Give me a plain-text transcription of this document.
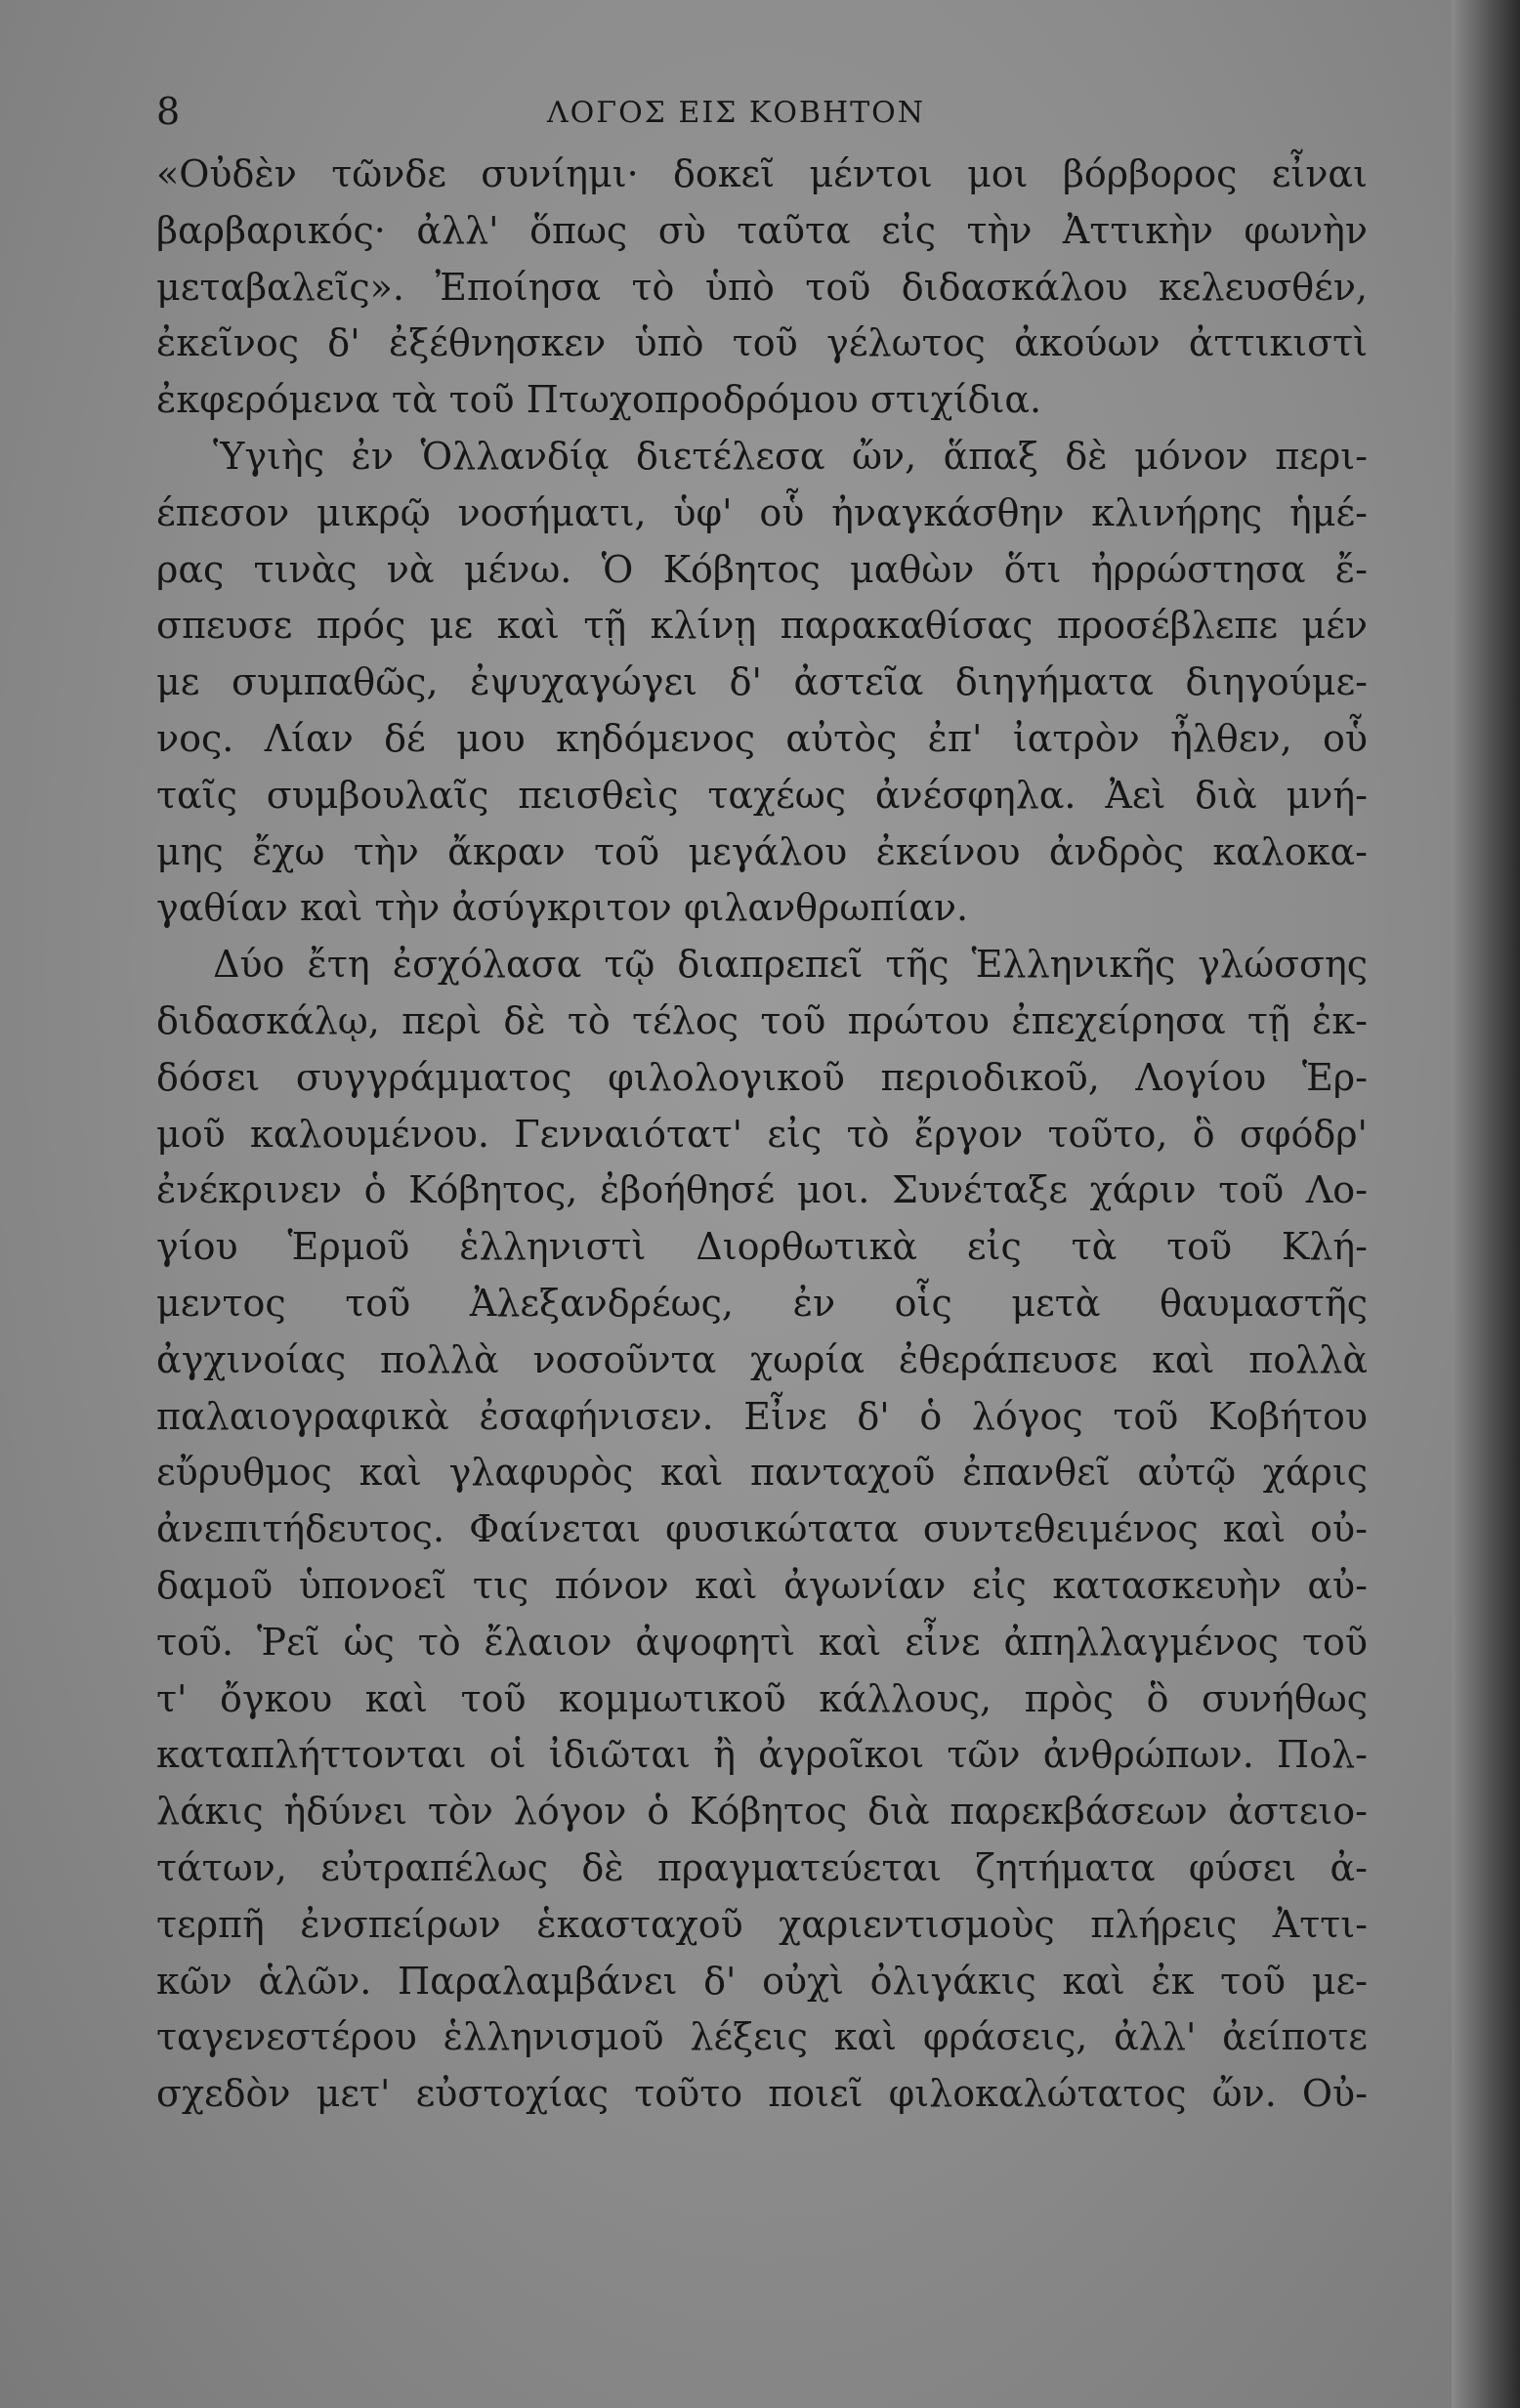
8	ΛΟΓΟΣ ΕΙΣ ΚΟΒΗΤΟΝ
«Οὐδὲν τῶνδε συνίημι· δοκεῖ μέντοι μοι βόρβορος εἶναι
βαρβαρικός· ἀλλ' ὅπως σὺ ταῦτα εἰς τὴν Ἀττικὴν φωνὴν
μεταβαλεῖς». Ἐποίησα τὸ ὑπὸ τοῦ διδασκάλου κελευσθέν,
ἐκεῖνος δ' ἐξέθνησκεν ὑπὸ τοῦ γέλωτος ἀκούων ἀττικιστὶ
ἐκφερόμενα τὰ τοῦ Πτωχοπροδρόμου στιχίδια.
Ὑγιὴς ἐν Ὁλλανδίᾳ διετέλεσα ὤν, ἅπαξ δὲ μόνον περι-
έπεσον μικρῷ νοσήματι, ὑφ' οὗ ἠναγκάσθην κλινήρης ἡμέ-
ρας τινὰς νὰ μένω. Ὁ Κόβητος μαθὼν ὅτι ἠρρώστησα ἔ-
σπευσε πρός με καὶ τῇ κλίνῃ παρακαθίσας προσέβλεπε μέν
με συμπαθῶς, ἐψυχαγώγει δ' ἀστεῖα διηγήματα διηγούμε-
νος. Λίαν δέ μου κηδόμενος αὐτὸς ἐπ' ἰατρὸν ἦλθεν, οὗ
ταῖς συμβουλαῖς πεισθεὶς ταχέως ἀνέσφηλα. Ἀεὶ διὰ μνή-
μης ἔχω τὴν ἄκραν τοῦ μεγάλου ἐκείνου ἀνδρὸς καλοκα-
γαθίαν καὶ τὴν ἀσύγκριτον φιλανθρωπίαν.
Δύο ἔτη ἐσχόλασα τῷ διαπρεπεῖ τῆς Ἑλληνικῆς γλώσσης
διδασκάλῳ, περὶ δὲ τὸ τέλος τοῦ πρώτου ἐπεχείρησα τῇ ἐκ-
δόσει συγγράμματος φιλολογικοῦ περιοδικοῦ, Λογίου Ἑρ-
μοῦ καλουμένου. Γενναιότατ' εἰς τὸ ἔργον τοῦτο, ὃ σφόδρ'
ἐνέκρινεν ὁ Κόβητος, ἐβοήθησέ μοι. Συνέταξε χάριν τοῦ Λο-
γίου Ἑρμοῦ ἑλληνιστὶ Διορθωτικὰ εἰς τὰ τοῦ Κλή-
μεντος τοῦ Ἀλεξανδρέως, ἐν οἷς μετὰ θαυμαστῆς
ἀγχινοίας πολλὰ νοσοῦντα χωρία ἐθεράπευσε καὶ πολλὰ
παλαιογραφικὰ ἐσαφήνισεν. Εἶνε δ' ὁ λόγος τοῦ Κοβήτου
εὔρυθμος καὶ γλαφυρὸς καὶ πανταχοῦ ἐπανθεῖ αὐτῷ χάρις
ἀνεπιτήδευτος. Φαίνεται φυσικώτατα συντεθειμένος καὶ οὐ-
δαμοῦ ὑπονοεῖ τις πόνον καὶ ἀγωνίαν εἰς κατασκευὴν αὐ-
τοῦ. Ῥεῖ ὡς τὸ ἔλαιον ἀψοφητὶ καὶ εἶνε ἀπηλλαγμένος τοῦ
τ' ὄγκου καὶ τοῦ κομμωτικοῦ κάλλους, πρὸς ὃ συνήθως
καταπλήττονται οἱ ἰδιῶται ἢ ἀγροῖκοι τῶν ἀνθρώπων. Πολ-
λάκις ἡδύνει τὸν λόγον ὁ Κόβητος διὰ παρεκβάσεων ἀστειο-
τάτων, εὐτραπέλως δὲ πραγματεύεται ζητήματα φύσει ἀ-
τερπῆ ἐνσπείρων ἑκασταχοῦ χαριεντισμοὺς πλήρεις Ἀττι-
κῶν ἁλῶν. Παραλαμβάνει δ' οὐχὶ ὀλιγάκις καὶ ἐκ τοῦ με-
ταγενεστέρου ἑλληνισμοῦ λέξεις καὶ φράσεις, ἀλλ' ἀείποτε
σχεδὸν μετ' εὐστοχίας τοῦτο ποιεῖ φιλοκαλώτατος ὤν. Οὐ-
